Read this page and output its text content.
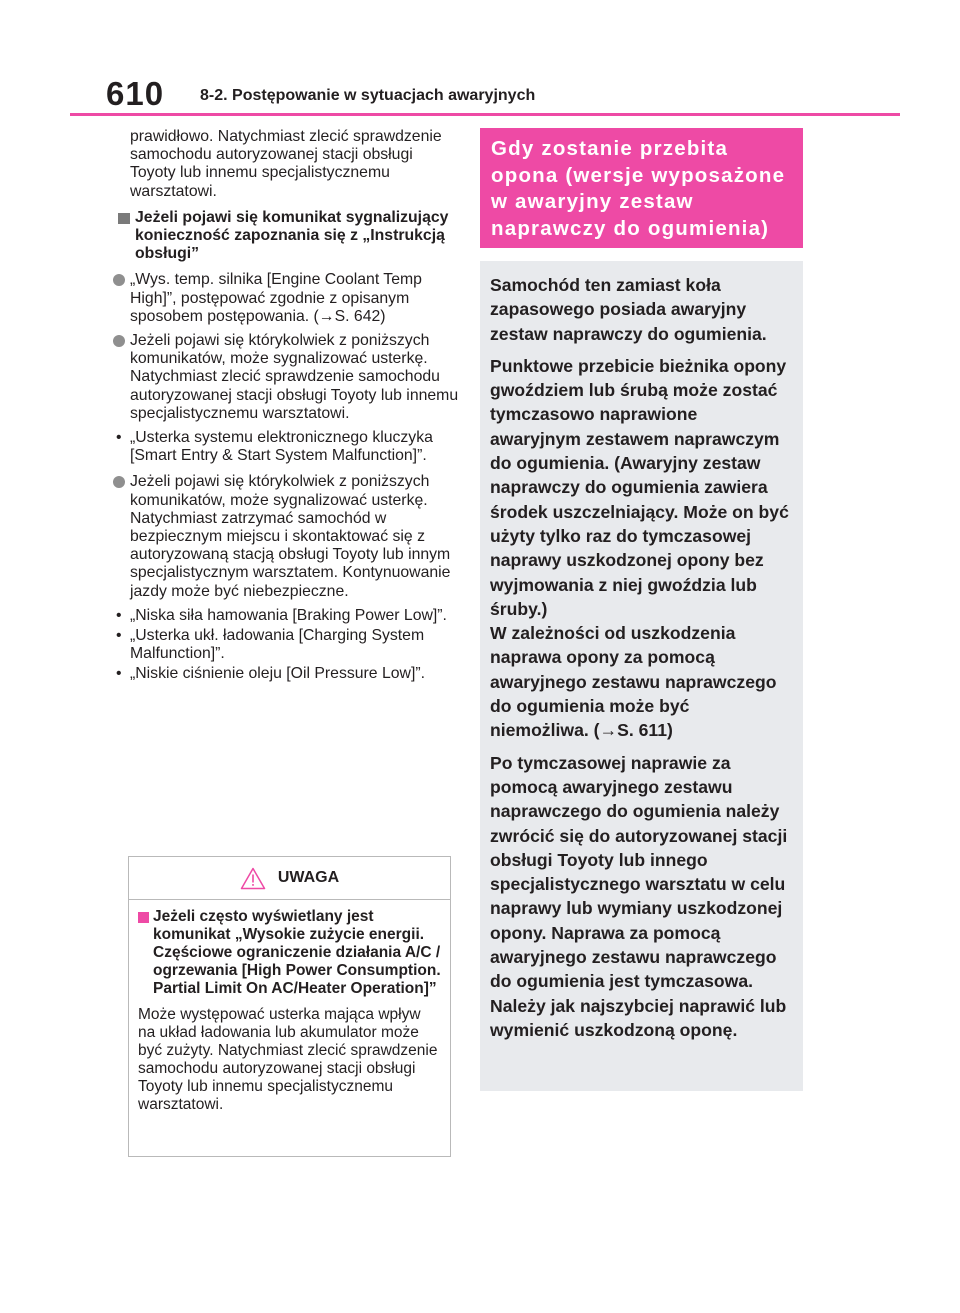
610 8-2. Postępowanie w sytuacjach awaryjnych

prawidłowo. Natychmiast zlecić sprawdzenie samochodu autoryzowanej stacji obsługi Toyoty lub innemu specjalistycznemu warsztatowi.

Jeżeli pojawi się komunikat sygnalizujący konieczność zapoznania się z „Instrukcją obsługi”
„Wys. temp. silnika [Engine Coolant Temp High]”, postępować zgodnie z opisanym sposobem postępowania. (→S. 642)
Jeżeli pojawi się którykolwiek z poniższych komunikatów, może sygnalizować usterkę. Natychmiast zlecić sprawdzenie samochodu autoryzowanej stacji obsługi Toyoty lub innemu specjalistycznemu warsztatowi.
• „Usterka systemu elektronicznego kluczyka [Smart Entry & Start System Malfunction]”.
Jeżeli pojawi się którykolwiek z poniższych komunikatów, może sygnalizować usterkę. Natychmiast zatrzymać samochód w bezpiecznym miejscu i skontaktować się z autoryzowaną stacją obsługi Toyoty lub innym specjalistycznym warsztatem. Kontynuowanie jazdy może być niebezpieczne.
• „Niska siła hamowania [Braking Power Low]”.
• „Usterka ukł. ładowania [Charging System Malfunction]”.
• „Niskie ciśnienie oleju [Oil Pressure Low]”.
UWAGA
Jeżeli często wyświetlany jest komunikat „Wysokie zużycie energii. Częściowe ograniczenie działania A/C / ogrzewania [High Power Consumption. Partial Limit On AC/Heater Operation]”

Może występować usterka mająca wpływ na układ ładowania lub akumulator może być zużyty. Natychmiast zlecić sprawdzenie samochodu autoryzowanej stacji obsługi Toyoty lub innemu specjalistycznemu warsztatowi.

Gdy zostanie przebita opona (wersje wyposażone w awaryjny zestaw naprawczy do ogumienia)

Samochód ten zamiast koła zapasowego posiada awaryjny zestaw naprawczy do ogumienia.

Punktowe przebicie bieżnika opony gwoździem lub śrubą może zostać tymczasowo naprawione awaryjnym zestawem naprawczym do ogumienia. (Awaryjny zestaw naprawczy do ogumienia zawiera środek uszczelniający. Może on być użyty tylko raz do tymczasowej naprawy uszkodzonej opony bez wyjmowania z niej gwoździa lub śruby.)

W zależności od uszkodzenia naprawa opony za pomocą awaryjnego zestawu naprawczego do ogumienia może być niemożliwa. (→S. 611)

Po tymczasowej naprawie za pomocą awaryjnego zestawu naprawczego do ogumienia należy zwrócić się do autoryzowanej stacji obsługi Toyoty lub innego specjalistycznego warsztatu w celu naprawy lub wymiany uszkodzonej opony. Naprawa za pomocą awaryjnego zestawu naprawczego do ogumienia jest tymczasowa. Należy jak najszybciej naprawić lub wymienić uszkodzoną oponę.
